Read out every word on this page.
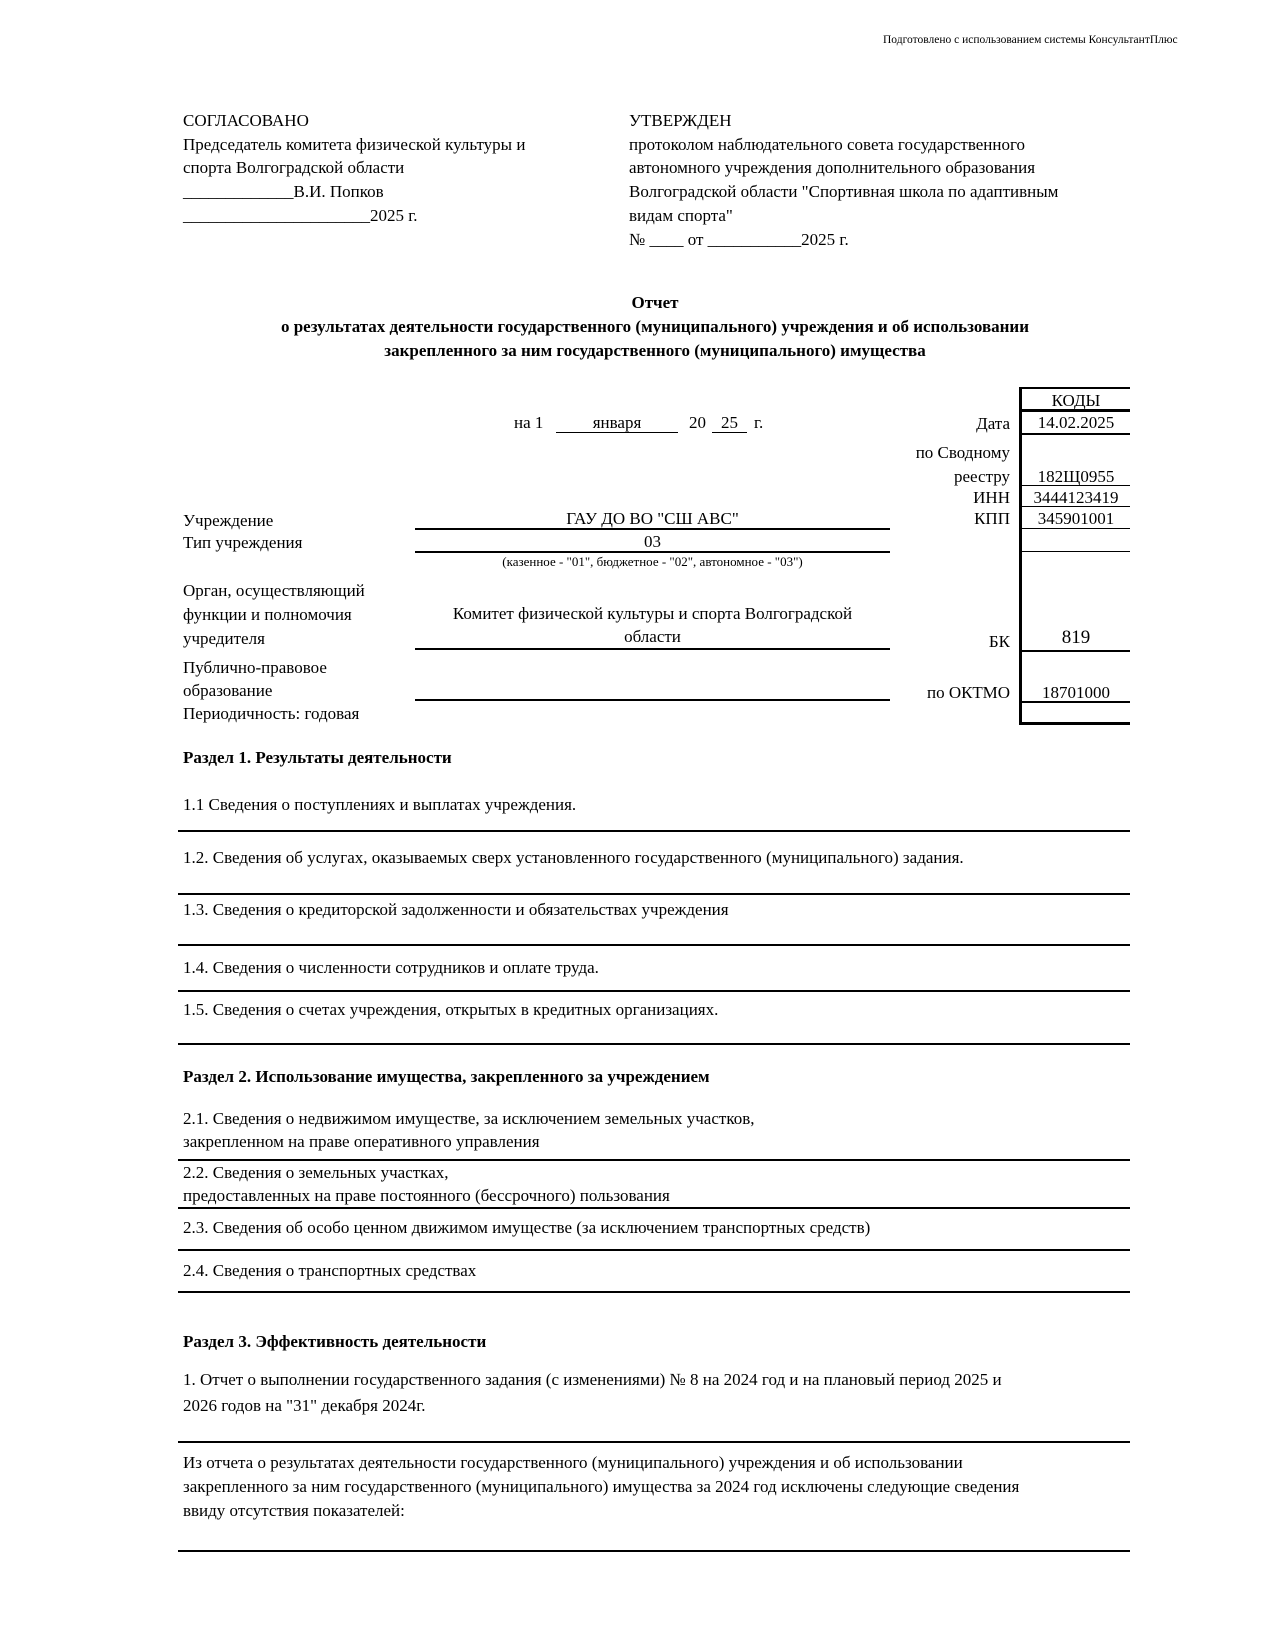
Подготовлено с использованием системы КонсультантПлюс
СОГЛАСОВАНО
Председатель комитета физической культуры и
спорта Волгоградской области
_____________В.И. Попков
______________________2025 г.
УТВЕРЖДЕН
протоколом наблюдательного совета государственного
автономного учреждения дополнительного образования
Волгоградской области "Спортивная школа по адаптивным
видам спорта"
№ ____ от ___________2025 г.
Отчет
о результатах деятельности государственного (муниципального) учреждения и об использовании
закрепленного за ним государственного (муниципального) имущества
на 1	января	20 25 г.
КОДЫ
Дата	14.02.2025
по Сводному
реестру	182Щ0955
ИНН	3444123419
КПП	345901001
БК	819
по ОКТМО	18701000
Учреждение	ГАУ ДО ВО "СШ АВС"
Тип учреждения	03
(казенное - "01", бюджетное - "02", автономное - "03")
Орган, осуществляющий
функции и полномочия
учредителя
Комитет физической культуры и спорта Волгоградской
области
Публично-правовое
образование
Периодичность: годовая
Раздел 1. Результаты деятельности
1.1 Сведения о поступлениях и выплатах учреждения.
1.2. Сведения об услугах, оказываемых сверх установленного государственного (муниципального) задания.
1.3. Сведения о кредиторской задолженности и обязательствах учреждения
1.4. Сведения о численности сотрудников и оплате труда.
1.5. Сведения о счетах учреждения, открытых в кредитных организациях.
Раздел 2. Использование имущества, закрепленного за учреждением
2.1. Сведения о недвижимом имуществе, за исключением земельных участков,
закрепленном на праве оперативного управления
2.2. Сведения о земельных участках,
предоставленных на праве постоянного (бессрочного) пользования
2.3. Сведения об особо ценном движимом имуществе (за исключением транспортных средств)
2.4. Сведения о транспортных средствах
Раздел 3. Эффективность деятельности
1. Отчет о выполнении государственного задания (с изменениями) № 8 на 2024 год и на плановый период 2025 и
2026 годов на "31" декабря 2024г.
Из отчета о результатах деятельности государственного (муниципального) учреждения и об использовании
закрепленного за ним государственного (муниципального) имущества за 2024 год исключены следующие сведения
ввиду отсутствия показателей:
